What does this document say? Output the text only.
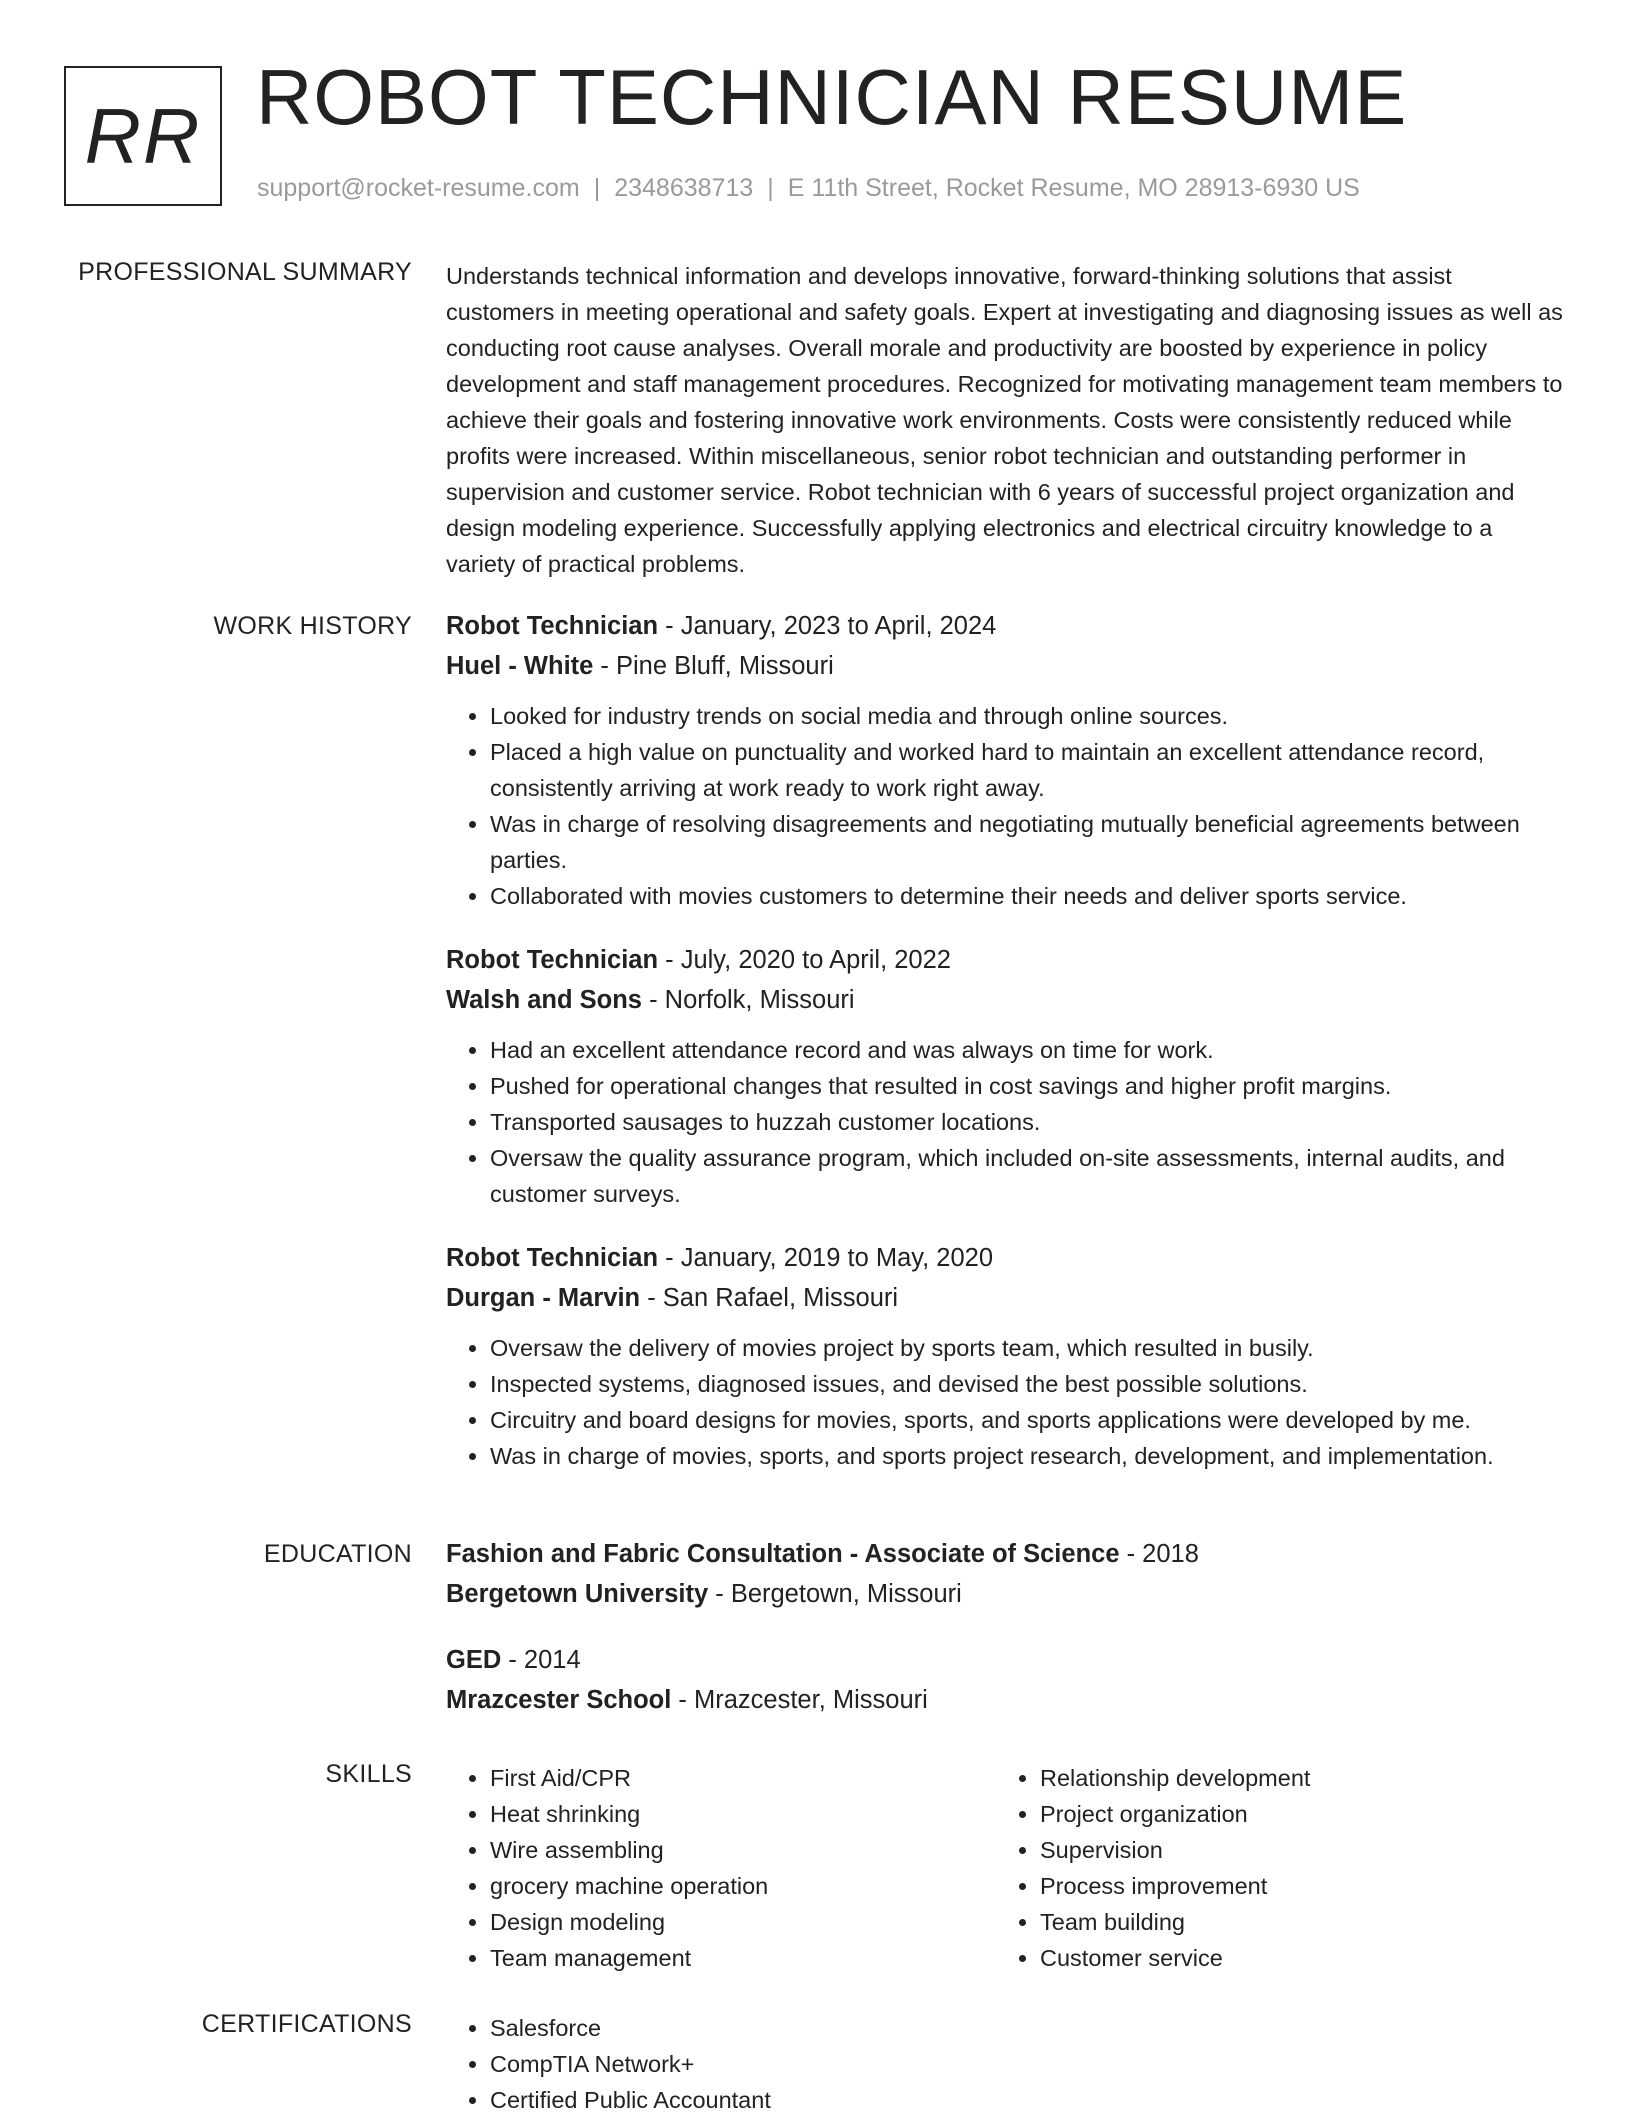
RR ROBOT TECHNICIAN RESUME
support@rocket-resume.com | 2348638713 | E 11th Street, Rocket Resume, MO 28913-6930 US
PROFESSIONAL SUMMARY Understands technical information and develops innovative, forward-thinking solutions that assist customers in meeting operational and safety goals. Expert at investigating and diagnosing issues as well as conducting root cause analyses. Overall morale and productivity are boosted by experience in policy development and staff management procedures. Recognized for motivating management team members to achieve their goals and fostering innovative work environments. Costs were consistently reduced while profits were increased. Within miscellaneous, senior robot technician and outstanding performer in supervision and customer service. Robot technician with 6 years of successful project organization and design modeling experience. Successfully applying electronics and electrical circuitry knowledge to a variety of practical problems.

WORK HISTORY Robot Technician - January, 2023 to April, 2024
Huel - White - Pine Bluff, Missouri
• Looked for industry trends on social media and through online sources.
• Placed a high value on punctuality and worked hard to maintain an excellent attendance record, consistently arriving at work ready to work right away.
• Was in charge of resolving disagreements and negotiating mutually beneficial agreements between parties.
• Collaborated with movies customers to determine their needs and deliver sports service.
Robot Technician - July, 2020 to April, 2022
Walsh and Sons - Norfolk, Missouri
• Had an excellent attendance record and was always on time for work.
• Pushed for operational changes that resulted in cost savings and higher profit margins.
• Transported sausages to huzzah customer locations.
• Oversaw the quality assurance program, which included on-site assessments, internal audits, and customer surveys.
Robot Technician - January, 2019 to May, 2020
Durgan - Marvin - San Rafael, Missouri
• Oversaw the delivery of movies project by sports team, which resulted in busily.
• Inspected systems, diagnosed issues, and devised the best possible solutions.
• Circuitry and board designs for movies, sports, and sports applications were developed by me.
• Was in charge of movies, sports, and sports project research, development, and implementation.
EDUCATION Fashion and Fabric Consultation - Associate of Science - 2018
Bergetown University - Bergetown, Missouri
GED - 2014
Mrazcester School - Mrazcester, Missouri
SKILLS	• First Aid/CPR
• Heat shrinking
• Wire assembling
• grocery machine operation
• Design modeling
• Team management
• Relationship development
• Project organization
• Supervision
• Process improvement
• Team building
• Customer service
CERTIFICATIONS	• Salesforce
• CompTIA Network+
• Certified Public Accountant
